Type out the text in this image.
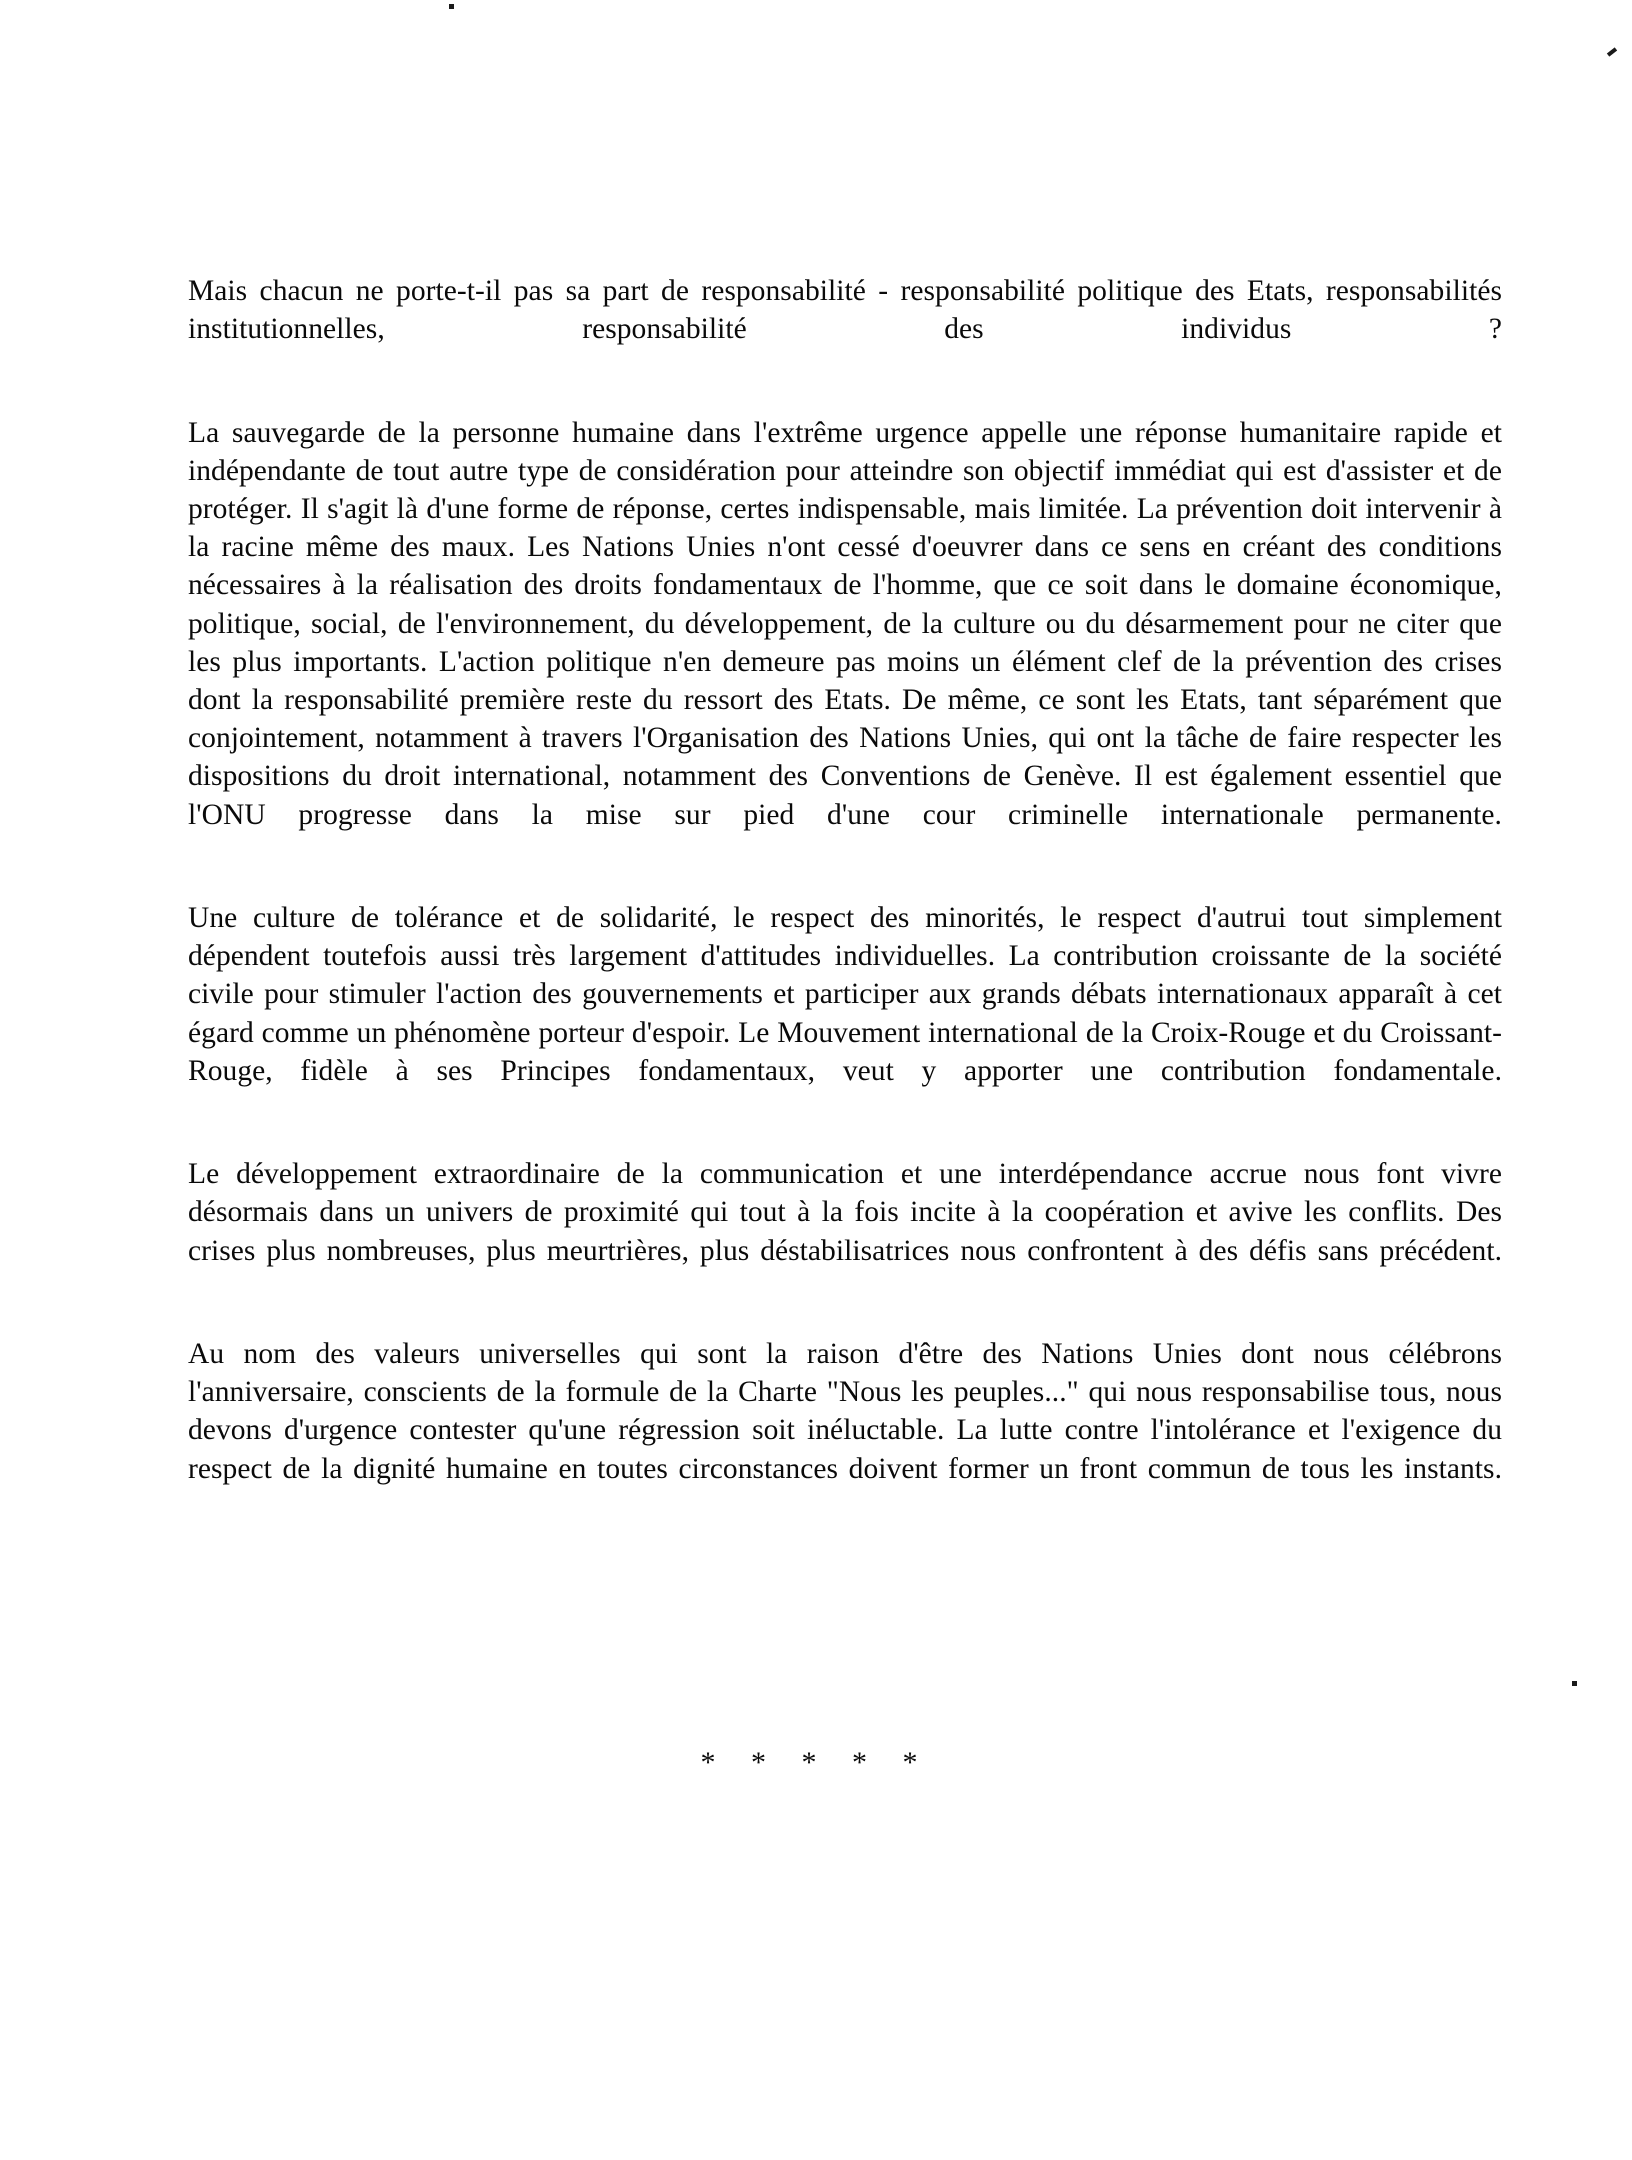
Mais chacun ne porte-t-il pas sa part de responsabilité - responsabilité politique des Etats, responsabilités institutionnelles, responsabilité des individus ?

La sauvegarde de la personne humaine dans l'extrême urgence appelle une réponse humanitaire rapide et indépendante de tout autre type de considération pour atteindre son objectif immédiat qui est d'assister et de protéger. Il s'agit là d'une forme de réponse, certes indispensable, mais limitée. La prévention doit intervenir à la racine même des maux. Les Nations Unies n'ont cessé d'oeuvrer dans ce sens en créant des conditions nécessaires à la réalisation des droits fondamentaux de l'homme, que ce soit dans le domaine économique, politique, social, de l'environnement, du développement, de la culture ou du désarmement pour ne citer que les plus importants. L'action politique n'en demeure pas moins un élément clef de la prévention des crises dont la responsabilité première reste du ressort des Etats. De même, ce sont les Etats, tant séparément que conjointement, notamment à travers l'Organisation des Nations Unies, qui ont la tâche de faire respecter les dispositions du droit international, notamment des Conventions de Genève. Il est également essentiel que l'ONU progresse dans la mise sur pied d'une cour criminelle internationale permanente.

Une culture de tolérance et de solidarité, le respect des minorités, le respect d'autrui tout simplement dépendent toutefois aussi très largement d'attitudes individuelles. La contribution croissante de la société civile pour stimuler l'action des gouvernements et participer aux grands débats internationaux apparaît à cet égard comme un phénomène porteur d'espoir. Le Mouvement international de la Croix-Rouge et du Croissant-Rouge, fidèle à ses Principes fondamentaux, veut y apporter une contribution fondamentale.

Le développement extraordinaire de la communication et une interdépendance accrue nous font vivre désormais dans un univers de proximité qui tout à la fois incite à la coopération et avive les conflits. Des crises plus nombreuses, plus meurtrières, plus déstabilisatrices nous confrontent à des défis sans précédent.

Au nom des valeurs universelles qui sont la raison d'être des Nations Unies dont nous célébrons l'anniversaire, conscients de la formule de la Charte "Nous les peuples..." qui nous responsabilise tous, nous devons d'urgence contester qu'une régression soit inéluctable. La lutte contre l'intolérance et l'exigence du respect de la dignité humaine en toutes circonstances doivent former un front commun de tous les instants.

* * * * *
